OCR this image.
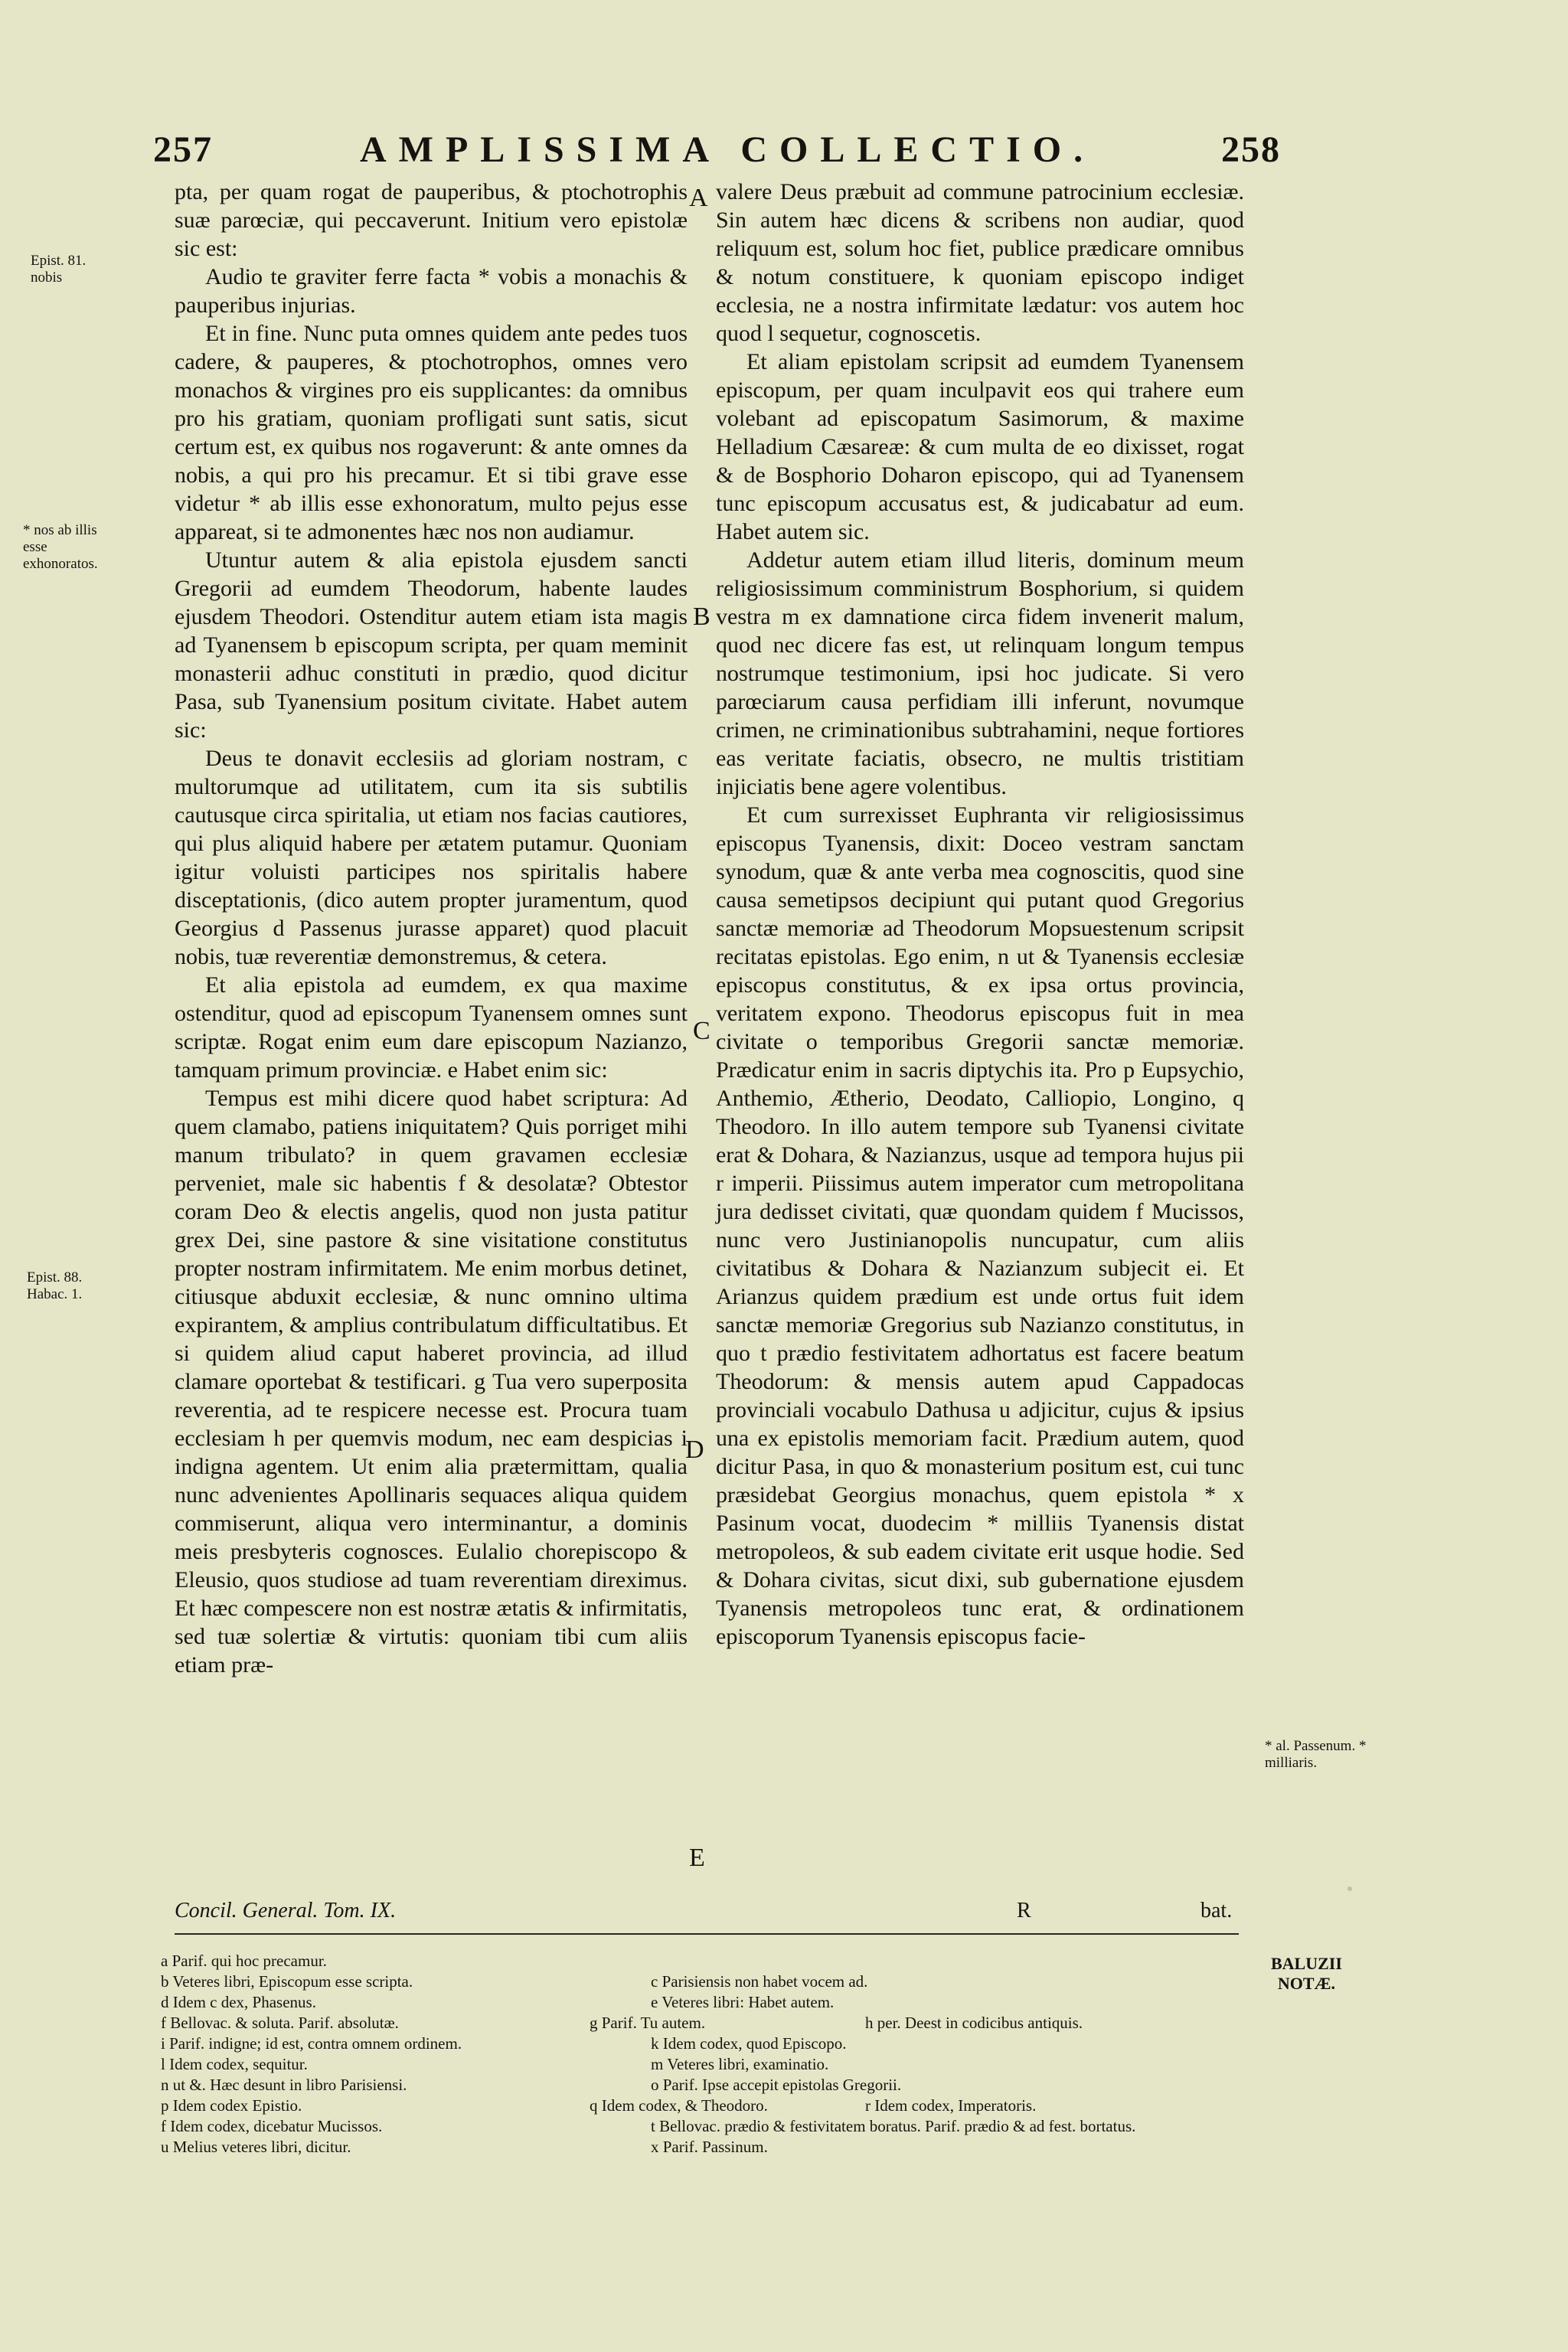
257	AMPLISSIMA COLLECTIO.	258

pta, per quam rogat de pauperibus, & ptochotrophis suæ parœciæ, qui peccaverunt. Initium vero epistolæ sic est:

Audio te graviter ferre facta * vobis a monachis & pauperibus injurias.

Et in fine. Nunc puta omnes quidem ante pedes tuos cadere, & pauperes, & ptochotrophos, omnes vero monachos & virgines pro eis supplicantes: da omnibus pro his gratiam, quoniam profligati sunt satis, sicut certum est, ex quibus nos rogaverunt: & ante omnes da nobis, a qui pro his precamur. Et si tibi grave esse videtur * ab illis esse exhonoratum, multo pejus esse appareat, si te admonentes hæc nos non audiamur.

Utuntur autem & alia epistola ejusdem sancti Gregorii ad eumdem Theodorum, habente laudes ejusdem Theodori. Ostenditur autem etiam ista magis ad Tyanensem b episcopum scripta, per quam meminit monasterii adhuc constituti in prædio, quod dicitur Pasa, sub Tyanensium positum civitate. Habet autem sic:

Deus te donavit ecclesiis ad gloriam nostram, c multorumque ad utilitatem, cum ita sis subtilis cautusque circa spiritalia, ut etiam nos facias cautiores, qui plus aliquid habere per ætatem putamur. Quoniam igitur voluisti participes nos spiritalis habere disceptationis, (dico autem propter juramentum, quod Georgius d Passenus jurasse apparet) quod placuit nobis, tuæ reverentiæ demonstremus, & cetera.

Et alia epistola ad eumdem, ex qua maxime ostenditur, quod ad episcopum Tyanensem omnes sunt scriptæ. Rogat enim eum dare episcopum Nazianzo, tamquam primum provinciæ. e Habet enim sic:

Tempus est mihi dicere quod habet scriptura: Ad quem clamabo, patiens iniquitatem? Quis porriget mihi manum tribulato? in quem gravamen ecclesiæ perveniet, male sic habentis f & desolatæ? Obtestor coram Deo & electis angelis, quod non justa patitur grex Dei, sine pastore & sine visitatione constitutus propter nostram infirmitatem. Me enim morbus detinet, citiusque abduxit ecclesiæ, & nunc omnino ultima expirantem, & amplius contribulatum difficultatibus. Et si quidem aliud caput haberet provincia, ad illud clamare oportebat & testificari. g Tua vero superposita reverentia, ad te respicere necesse est. Procura tuam ecclesiam h per quemvis modum, nec eam despicias i indigna agentem. Ut enim alia prætermittam, qualia nunc advenientes Apollinaris sequaces aliqua quidem commiserunt, aliqua vero interminantur, a dominis meis presbyteris cognosces. Eulalio chorepiscopo & Eleusio, quos studiose ad tuam reverentiam direximus. Et hæc compescere non est nostræ ætatis & infirmitatis, sed tuæ solertiæ & virtutis: quoniam tibi cum aliis etiam præ-

valere Deus præbuit ad commune patrocinium ecclesiæ. Sin autem hæc dicens & scribens non audiar, quod reliquum est, solum hoc fiet, publice prædicare omnibus & notum constituere, k quoniam episcopo indiget ecclesia, ne a nostra infirmitate lædatur: vos autem hoc quod l sequetur, cognoscetis.

Et aliam epistolam scripsit ad eumdem Tyanensem episcopum, per quam inculpavit eos qui trahere eum volebant ad episcopatum Sasimorum, & maxime Helladium Cæsareæ: & cum multa de eo dixisset, rogat & de Bosphorio Doharon episcopo, qui ad Tyanensem tunc episcopum accusatus est, & judicabatur ad eum. Habet autem sic.

Addetur autem etiam illud literis, dominum meum religiosissimum comministrum Bosphorium, si quidem vestra m ex damnatione circa fidem invenerit malum, quod nec dicere fas est, ut relinquam longum tempus nostrumque testimonium, ipsi hoc judicate. Si vero parœciarum causa perfidiam illi inferunt, novumque crimen, ne criminationibus subtrahamini, neque fortiores eas veritate faciatis, obsecro, ne multis tristitiam injiciatis bene agere volentibus.

Et cum surrexisset Euphranta vir religiosissimus episcopus Tyanensis, dixit: Doceo vestram sanctam synodum, quæ & ante verba mea cognoscitis, quod sine causa semetipsos decipiunt qui putant quod Gregorius sanctæ memoriæ ad Theodorum Mopsuestenum scripsit recitatas epistolas. Ego enim, n ut & Tyanensis ecclesiæ episcopus constitutus, & ex ipsa ortus provincia, veritatem expono. Theodorus episcopus fuit in mea civitate o temporibus Gregorii sanctæ memoriæ. Prædicatur enim in sacris diptychis ita. Pro p Eupsychio, Anthemio, Ætherio, Deodato, Calliopio, Longino, q Theodoro. In illo autem tempore sub Tyanensi civitate erat & Dohara, & Nazianzus, usque ad tempora hujus pii r imperii. Piissimus autem imperator cum metropolitana jura dedisset civitati, quæ quondam quidem f Mucissos, nunc vero Justinianopolis nuncupatur, cum aliis civitatibus & Dohara & Nazianzum subjecit ei. Et Arianzus quidem prædium est unde ortus fuit idem sanctæ memoriæ Gregorius sub Nazianzo constitutus, in quo t prædio festivitatem adhortatus est facere beatum Theodorum: & mensis autem apud Cappadocas provinciali vocabulo Dathusa u adjicitur, cujus & ipsius una ex epistolis memoriam facit. Prædium autem, quod dicitur Pasa, in quo & monasterium positum est, cui tunc præsidebat Georgius monachus, quem epistola * x Pasinum vocat, duodecim * milliis Tyanensis distat metropoleos, & sub eadem civitate erit usque hodie. Sed & Dohara civitas, sicut dixi, sub gubernatione ejusdem Tyanensis metropoleos tunc erat, & ordinationem episcoporum Tyanensis episcopus facie-

A
B
C
D
E
Epist. 81. nobis
* nos ab illis esse exhonoratos.
Epist. 88. Habac. 1.
* al. Passenum. * milliaris.
Concil. General. Tom. IX.	R	bat.
BALUZII
NOTÆ.
a Parif. qui hoc precamur.
b Veteres libri, Episcopum esse scripta.	c Parisiensis non habet vocem ad.
d Idem c dex, Phasenus.	e Veteres libri: Habet autem.
f Bellovac. & soluta. Parif. absolutæ.	g Parif. Tu autem.	h per. Deest in codicibus antiquis.
i Parif. indigne; id est, contra omnem ordinem.	k Idem codex, quod Episcopo.
l Idem codex, sequitur.	m Veteres libri, examinatio.
n ut &. Hæc desunt in libro Parisiensi.	o Parif. Ipse accepit epistolas Gregorii.
p Idem codex Epistio.	q Idem codex, & Theodoro.	r Idem codex, Imperatoris.
f Idem codex, dicebatur Mucissos.	t Bellovac. prædio & festivitatem boratus. Parif. prædio & ad fest. bortatus.
u Melius veteres libri, dicitur.	x Parif. Passinum.
